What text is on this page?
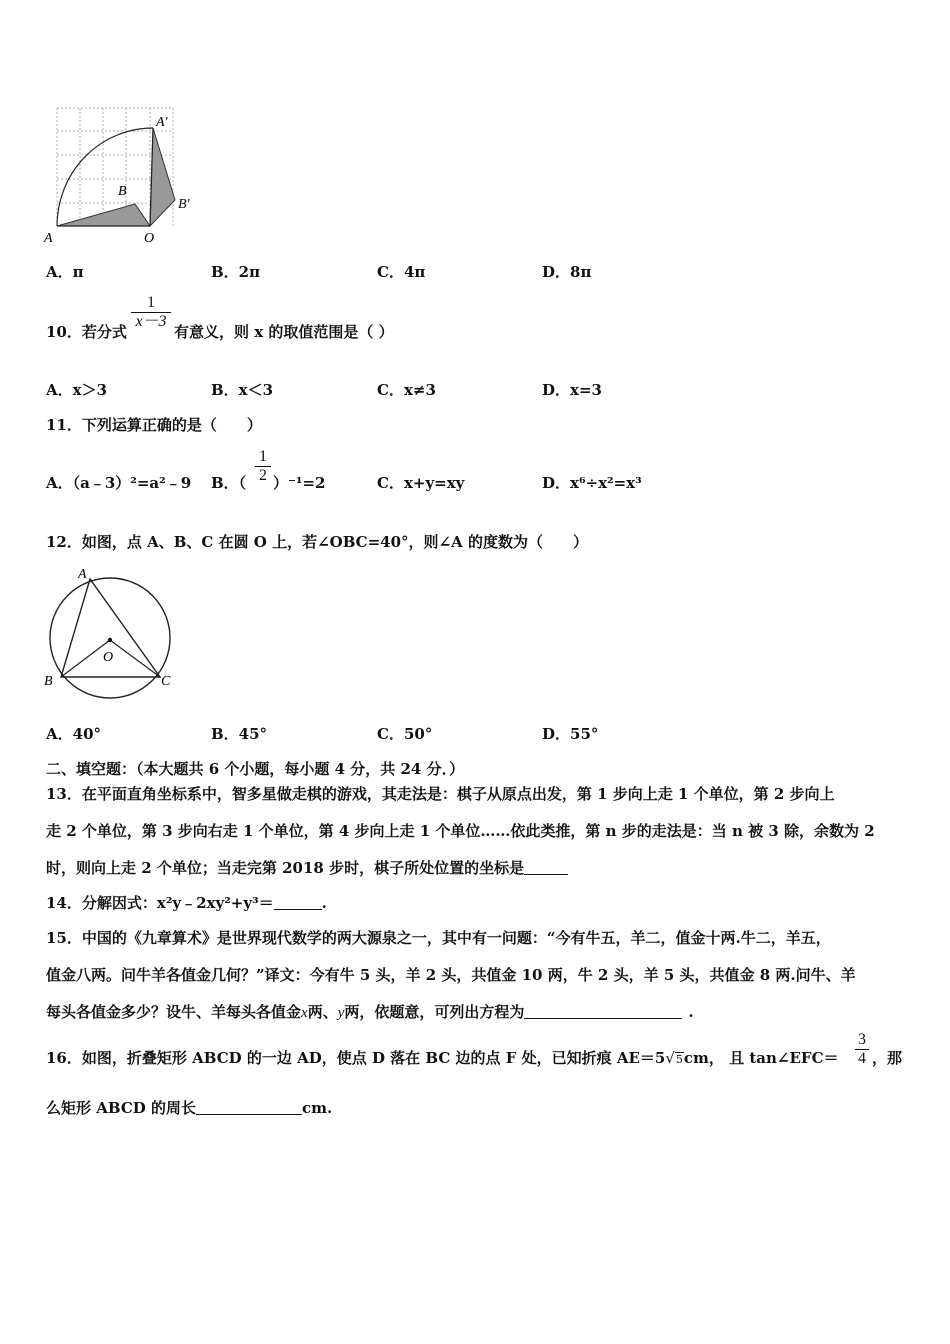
A	O
B
A′
B′
A．π	B．2π	C．4π	D．8π
10．若分式
1
x－3
有意义，则 x 的取值范围是（ ）
A．x＞3	B．x＜3	C．x≠3	D．x=3
11．下列运算正确的是（　　）
A．（a﹣3）²=a²﹣9 B．（
1
2 ）⁻¹=2	C．x+y=xy	D．x⁶÷x²=x³
12．如图，点 A、B、C 在圆 O 上，若∠OBC=40°，则∠A 的度数为（　　）
A
B	C
O
A．40°	B．45°	C．50°	D．55°
二、填空题：（本大题共 6 个小题，每小题 4 分，共 24 分．）
13．在平面直角坐标系中，智多星做走棋的游戏，其走法是：棋子从原点出发，第 1 步向上走 1 个单位，第 2 步向上
走 2 个单位，第 3 步向右走 1 个单位，第 4 步向上走 1 个单位……依此类推，第 n 步的走法是：当 n 被 3 除，余数为 2
时，则向上走 2 个单位；当走完第 2018 步时，棋子所处位置的坐标是
14．分解因式：x²y﹣2xy²+y³＝	.
15．中国的《九章算术》是世界现代数学的两大源泉之一，其中有一问题：“今有牛五，羊二，值金十两.牛二，羊五，
值金八两。问牛羊各值金几何？”译文：今有牛 5 头，羊 2 头，共值金 10 两，牛 2 头，羊 5 头，共值金 8 两.问牛、羊
每头各值金多少？设牛、羊每头各值金x两、y两，依题意，可列出方程为	.
16．如图，折叠矩形 ABCD 的一边 AD，使点 D 落在 BC 边的点 F 处，已知折痕 AE＝5√5cm， 且 tan∠EFC＝
3
4 ，那
么矩形 ABCD 的周长	cm.
